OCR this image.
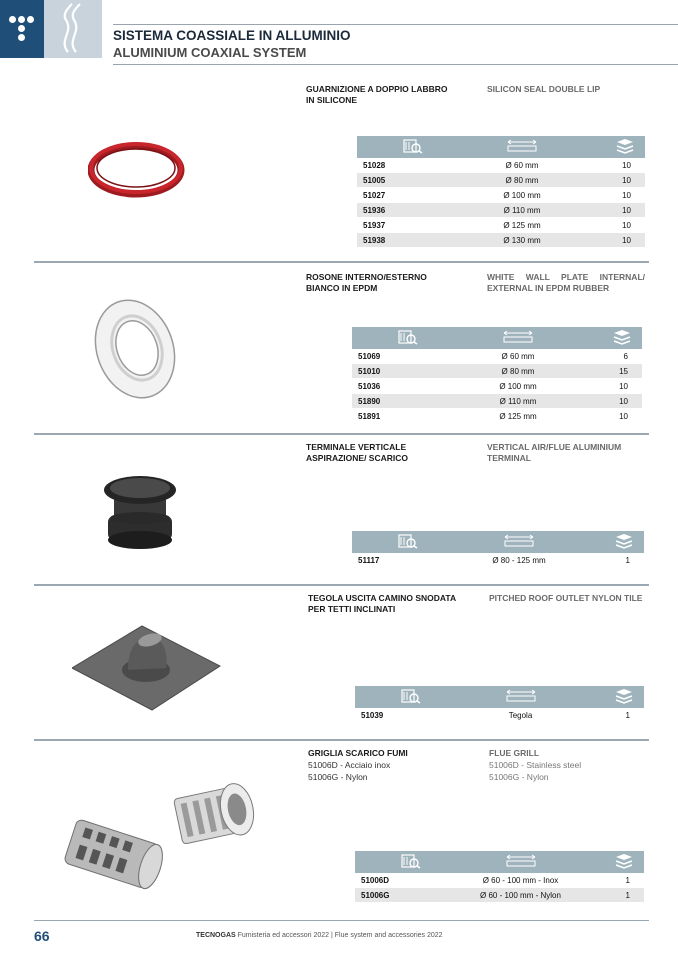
SISTEMA COASSIALE IN ALLUMINIO
ALUMINIUM COAXIAL SYSTEM
GUARNIZIONE A DOPPIO LABBRO IN SILICONE
SILICON SEAL DOUBLE LIP

51028	Ø 60 mm	10
51005	Ø 80 mm	10
51027	Ø 100 mm	10
51936	Ø 110 mm	10
51937	Ø 125 mm	10
51938	Ø 130 mm	10
ROSONE INTERNO/ESTERNO BIANCO IN EPDM
WHITE WALL PLATE INTERNAL/ EXTERNAL IN EPDM RUBBER

51069	Ø 60 mm	6
51010	Ø 80 mm	15
51036	Ø 100 mm	10
51890	Ø 110 mm	10
51891	Ø 125 mm	10
TERMINALE VERTICALE ASPIRAZIONE/ SCARICO
VERTICAL AIR/FLUE ALUMINIUM TERMINAL

51117	Ø 80 - 125 mm	1
TEGOLA USCITA CAMINO SNODATA PER TETTI INCLINATI
PITCHED ROOF OUTLET NYLON TILE

51039	Tegola	1
GRIGLIA SCARICO FUMI
51006D - Acciaio inox
51006G - Nylon
FLUE GRILL
51006D - Stainless steel
51006G - Nylon

51006D	Ø 60 - 100 mm - Inox	1
51006G	Ø 60 - 100 mm - Nylon	1
66	TECNOGAS Fumisteria ed accessori 2022 | Flue system and accessories 2022
